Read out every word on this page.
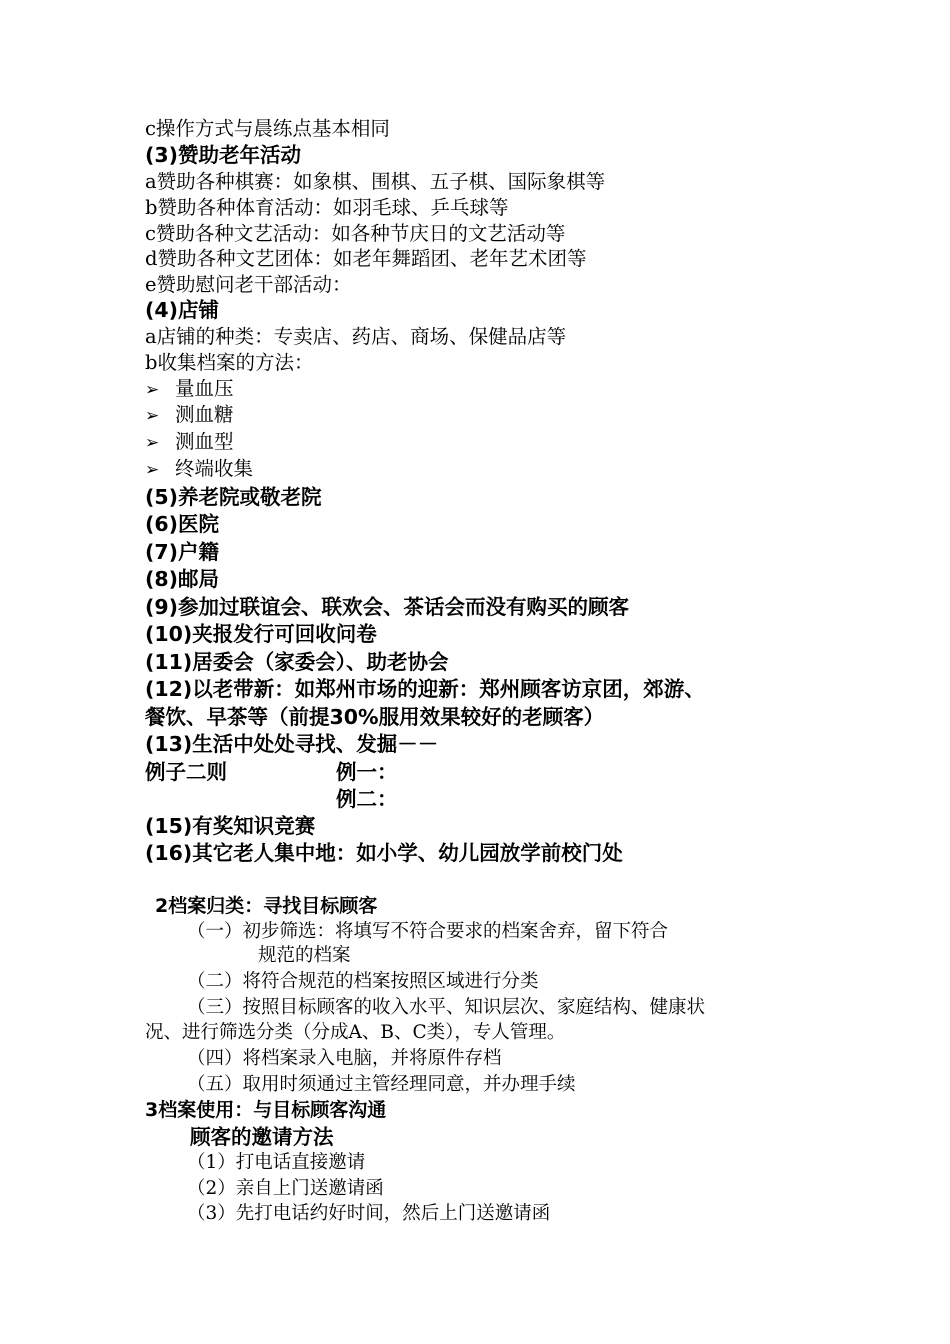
c操作方式与晨练点基本相同
(3)赞助老年活动
a赞助各种棋赛：如象棋、围棋、五子棋、国际象棋等
b赞助各种体育活动：如羽毛球、乒乓球等
c赞助各种文艺活动：如各种节庆日的文艺活动等
d赞助各种文艺团体：如老年舞蹈团、老年艺术团等
e赞助慰问老干部活动：
(4)店铺
a店铺的种类：专卖店、药店、商场、保健品店等
b收集档案的方法：
➢ 量血压
➢ 测血糖
➢ 测血型
➢ 终端收集
(5)养老院或敬老院
(6)医院
(7)户籍
(8)邮局
(9)参加过联谊会、联欢会、茶话会而没有购买的顾客
(10)夹报发行可回收问卷
(11)居委会（家委会）、助老协会
(12)以老带新：如郑州市场的迎新：郑州顾客访京团，郊游、
餐饮、早茶等（前提30%服用效果较好的老顾客）
(13)生活中处处寻找、发掘－－
例子二则	例一：
例二：
(15)有奖知识竞赛
(16)其它老人集中地：如小学、幼儿园放学前校门处
2档案归类：寻找目标顾客
（一）初步筛选：将填写不符合要求的档案舍弃，留下符合
规范的档案
（二）将符合规范的档案按照区域进行分类
（三）按照目标顾客的收入水平、知识层次、家庭结构、健康状
况、进行筛选分类（分成A、B、C类），专人管理。
（四）将档案录入电脑，并将原件存档
（五）取用时须通过主管经理同意，并办理手续
3档案使用：与目标顾客沟通
顾客的邀请方法
（1）打电话直接邀请
（2）亲自上门送邀请函
（3）先打电话约好时间，然后上门送邀请函
